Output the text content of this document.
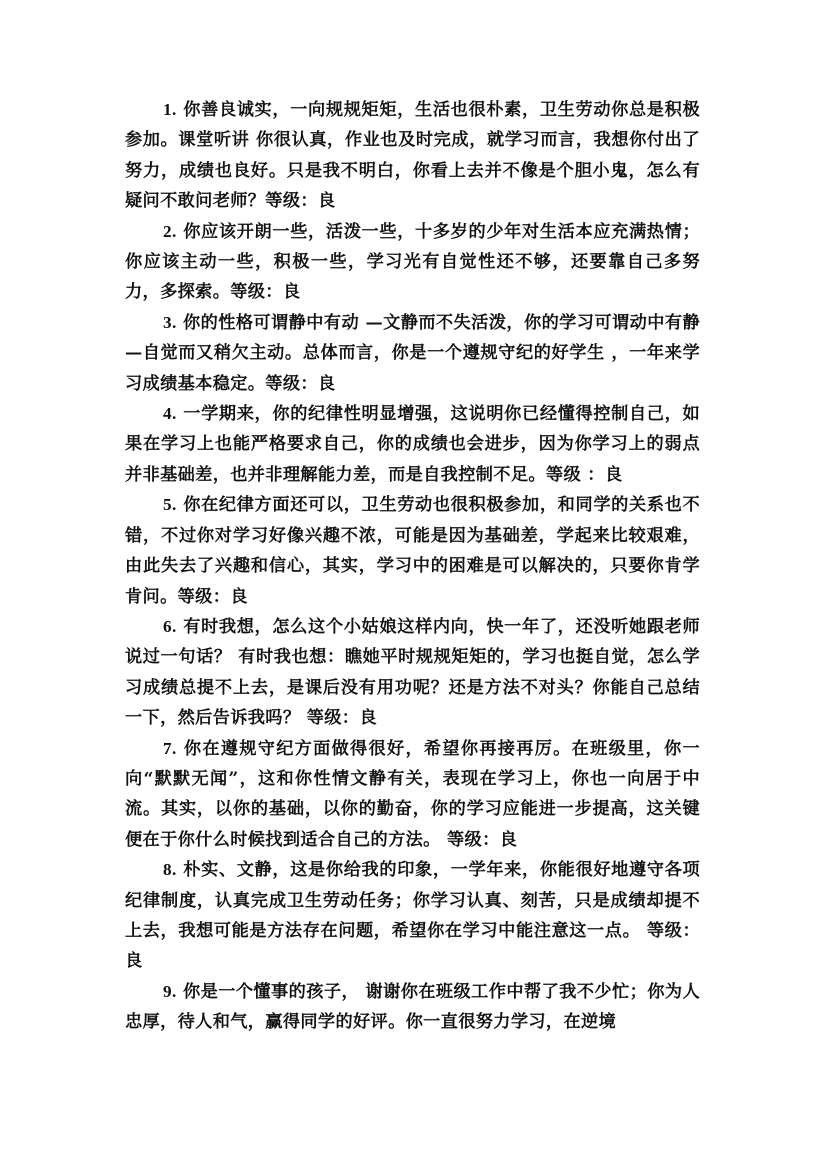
1. 你善良诚实，一向规规矩矩，生活也很朴素，卫生劳动你总是积极参加。课堂听讲 你很认真，作业也及时完成，就学习而言，我想你付出了努力，成绩也良好。只是我不明白，你看上去并不像是个胆小鬼，怎么有疑问不敢问老师？等级：良

2. 你应该开朗一些，活泼一些，十多岁的少年对生活本应充满热情；你应该主动一些，积极一些，学习光有自觉性还不够，还要靠自己多努力，多探索。等级：良

3. 你的性格可谓静中有动 —文静而不失活泼，你的学习可谓动中有静—自觉而又稍欠主动。总体而言，你是一个遵规守纪的好学生 ，一年来学习成绩基本稳定。等级：良

4. 一学期来，你的纪律性明显增强，这说明你已经懂得控制自己，如果在学习上也能严格要求自己，你的成绩也会进步，因为你学习上的弱点并非基础差，也并非理解能力差，而是自我控制不足。等级 ：良

5. 你在纪律方面还可以，卫生劳动也很积极参加，和同学的关系也不错，不过你对学习好像兴趣不浓，可能是因为基础差，学起来比较艰难，由此失去了兴趣和信心，其实，学习中的困难是可以解决的，只要你肯学肯问。等级：良

6. 有时我想，怎么这个小姑娘这样内向，快一年了，还没听她跟老师说过一句话？ 有时我也想：瞧她平时规规矩矩的，学习也挺自觉，怎么学习成绩总提不上去，是课后没有用功呢？还是方法不对头？你能自己总结一下，然后告诉我吗？ 等级：良

7. 你在遵规守纪方面做得很好，希望你再接再厉。在班级里，你一向“默默无闻”，这和你性情文静有关，表现在学习上，你也一向居于中流。其实，以你的基础，以你的勤奋，你的学习应能进一步提高，这关键便在于你什么时候找到适合自己的方法。 等级：良

8. 朴实、文静，这是你给我的印象，一学年来，你能很好地遵守各项纪律制度，认真完成卫生劳动任务；你学习认真、刻苦，只是成绩却提不上去，我想可能是方法存在问题，希望你在学习中能注意这一点。 等级：良

9. 你是一个懂事的孩子， 谢谢你在班级工作中帮了我不少忙；你为人忠厚，待人和气，赢得同学的好评。你一直很努力学习，在逆境
